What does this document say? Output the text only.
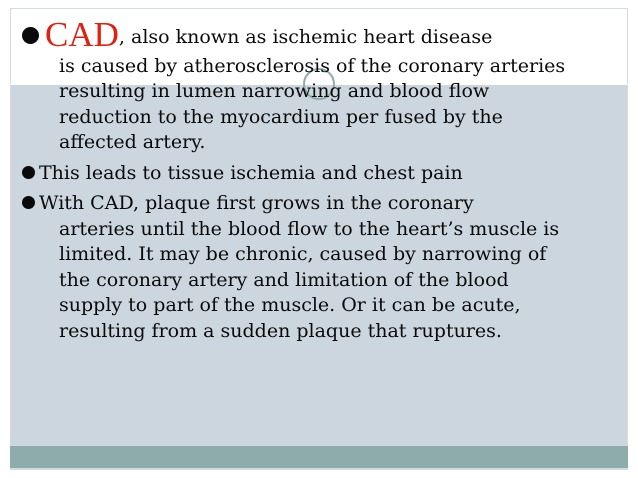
CAD, also known as ischemic heart disease

is caused by atherosclerosis of the coronary arteries

resulting in lumen narrowing and blood flow

reduction to the myocardium per fused by the

affected artery.

This leads to tissue ischemia and chest pain

With CAD, plaque first grows in the coronary

arteries until the blood flow to the heart’s muscle is

limited. It may be chronic, caused by narrowing of

the coronary artery and limitation of the blood

supply to part of the muscle. Or it can be acute,

resulting from a sudden plaque that ruptures.
